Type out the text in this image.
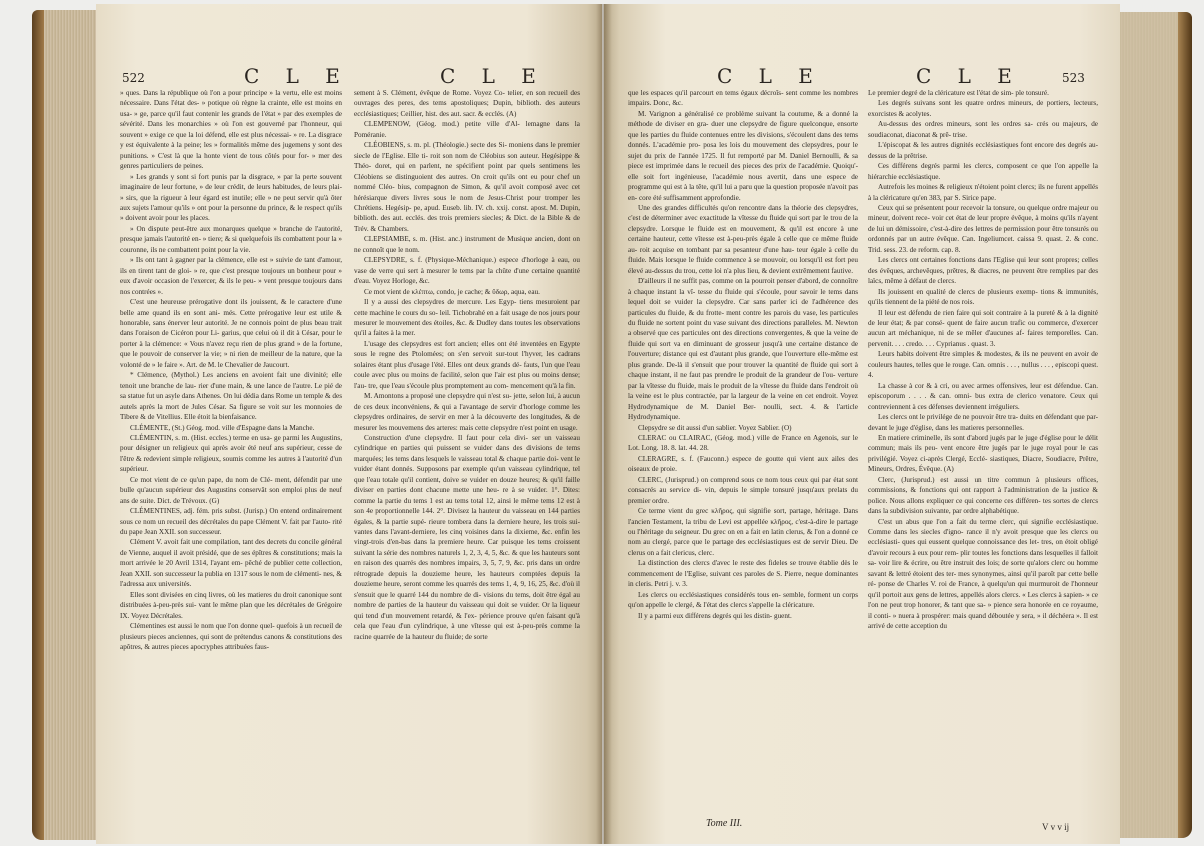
522	C L E	C L E

» ques. Dans la république où l'on a pour principe » la vertu, elle est moins nécessaire. Dans l'état des- » potique où règne la crainte, elle est moins en usa- » ge, parce qu'il faut contenir les grands de l'état » par des exemples de sévérité. Dans les monarchies » où l'on est gouverné par l'honneur, qui souvent » exige ce que la loi défend, elle est plus nécessai- » re. La disgrace y est équivalente à la peine; les » formalités même des jugemens y sont des punitions. » C'est là que la honte vient de tous côtés pour for- » mer des genres particuliers de peines.

» Les grands y sont si fort punis par la disgrace, » par la perte souvent imaginaire de leur fortune, » de leur crédit, de leurs habitudes, de leurs plai- » sirs, que la rigueur à leur égard est inutile; elle » ne peut servir qu'à ôter aux sujets l'amour qu'ils » ont pour la personne du prince, & le respect qu'ils » doivent avoir pour les places.

» On dispute peut-être aux monarques quelque » branche de l'autorité, presque jamais l'autorité en- » tiere; & si quelquefois ils combattent pour la » couronne, ils ne combattent point pour la vie.

» Ils ont tant à gagner par la clémence, elle est » suivie de tant d'amour, ils en tirent tant de gloi- » re, que c'est presque toujours un bonheur pour » eux d'avoir occasion de l'exercer, & ils le peu- » vent presque toujours dans nos contrées ».

C'est une heureuse prérogative dont ils jouissent, & le caractere d'une belle ame quand ils en sont ani- més. Cette prérogative leur est utile & honorable, sans énerver leur autorité. Je ne connois point de plus beau trait dans l'oraison de Cicéron pour Li- garius, que celui où il dit à César, pour le porter à la clémence: « Vous n'avez reçu rien de plus grand » de la fortune, que le pouvoir de conserver la vie; » ni rien de meilleur de la nature, que la volonté de » le faire ». Art. de M. le Chevalier de Jaucourt.

* Clémence, (Mythol.) Les anciens en avoient fait une divinité; elle tenoit une branche de lau- rier d'une main, & une lance de l'autre. Le pié de sa statue fut un asyle dans Athenes. On lui dédia dans Rome un temple & des autels après la mort de Jules César. Sa figure se voit sur les monnoies de Tibere & de Vitellius. Elle étoit la bienfaisance.

CLÉMENTE, (St.) Géog. mod. ville d'Espagne dans la Manche.

CLÉMENTIN, s. m. (Hist. eccles.) terme en usa- ge parmi les Augustins, pour désigner un religieux qui après avoir été neuf ans supérieur, cesse de l'être & redevient simple religieux, soumis comme les autres à l'autorité d'un supérieur.

Ce mot vient de ce qu'un pape, du nom de Clé- ment, défendit par une bulle qu'aucun supérieur des Augustins conservât son emploi plus de neuf ans de suite. Dict. de Trévoux. (G)

CLÉMENTINES, adj. fém. pris subst. (Jurisp.) On entend ordinairement sous ce nom un recueil des décrétales du pape Clément V. fait par l'auto- rité du pape Jean XXII. son successeur.

Clément V. avoit fait une compilation, tant des decrets du concile général de Vienne, auquel il avoit présidé, que de ses épîtres & constitutions; mais la mort arrivée le 20 Avril 1314, l'ayant em- pêché de publier cette collection, Jean XXII. son successeur la publia en 1317 sous le nom de clémenti- nes, & l'adressa aux universités.

Elles sont divisées en cinq livres, où les matieres du droit canonique sont distribuées à-peu-près sui- vant le même plan que les décrétales de Grégoire IX. Voyez Décrétales.

Clémentines est aussi le nom que l'on donne quel- quefois à un recueil de plusieurs pieces anciennes, qui sont de prétendus canons & constitutions des apôtres, & autres pieces apocryphes attribuées faus-

sement à S. Clément, évêque de Rome. Voyez Co- telier, en son recueil des ouvrages des peres, des tems apostoliques; Dupin, biblioth. des auteurs ecclésiastiques; Ceillier, hist. des aut. sacr. & ecclés. (A)

CLEMPENOW, (Géog. mod.) petite ville d'Al- lemagne dans la Poméranie.

CLÉOBIENS, s. m. pl. (Théologie.) secte des Si- moniens dans le premier siecle de l'Eglise. Elle ti- roit son nom de Cléobius son auteur. Hegésippe & Théo- doret, qui en parlent, ne spécifient point par quels sentimens les Cléobiens se distinguoient des autres. On croit qu'ils ont eu pour chef un nommé Cléo- bius, compagnon de Simon, & qu'il avoit composé avec cet hérésiarque divers livres sous le nom de Jesus-Christ pour tromper les Chrétiens. Hegésip- pe, apud. Euseb. lib. IV. ch. xxij. const. apost. M. Dupin, biblioth. des aut. ecclés. des trois premiers siecles; & Dict. de la Bible & de Trév. & Chambers.

CLEPSIAMBE, s. m. (Hist. anc.) instrument de Musique ancien, dont on ne connoît que le nom.

CLEPSYDRE, s. f. (Physique-Méchanique.) espece d'horloge à eau, ou vase de verre qui sert à mesurer le tems par la chûte d'une certaine quantité d'eau. Voyez Horloge, &c.

Ce mot vient de κλέπτω, condo, je cache; & ὕδωρ, aqua, eau.

Il y a aussi des clepsydres de mercure. Les Egyp- tiens mesuroient par cette machine le cours du so- leil. Tichobrahé en a fait usage de nos jours pour mesurer le mouvement des étoiles, &c. & Dudley dans toutes les observations qu'il a faites à la mer.

L'usage des clepsydres est fort ancien; elles ont été inventées en Egypte sous le regne des Ptolomées; on s'en servoit sur-tout l'hyver, les cadrans solaires étant plus d'usage l'été. Elles ont deux grands dé- fauts, l'un que l'eau coule avec plus ou moins de facilité, selon que l'air est plus ou moins dense; l'au- tre, que l'eau s'écoule plus promptement au com- mencement qu'à la fin.

M. Amontons a proposé une clepsydre qui n'est su- jette, selon lui, à aucun de ces deux inconvéniens, & qui a l'avantage de servir d'horloge comme les clepsydres ordinaires, de servir en mer à la découverte des longitudes, & de mesurer les mouvemens des arteres: mais cette clepsydre n'est point en usage.

Construction d'une clepsydre. Il faut pour cela divi- ser un vaisseau cylindrique en parties qui puissent se vuider dans des divisions de tems marquées; les tems dans lesquels le vaisseau total & chaque partie doi- vent le vuider étant donnés. Supposons par exemple qu'un vaisseau cylindrique, tel que l'eau totale qu'il contient, doive se vuider en douze heures; & qu'il faille diviser en parties dont chacune mette une heu- re à se vuider. 1°. Dites: comme la partie du tems 1 est au tems total 12, ainsi le même tems 12 est à son 4e proportionnelle 144. 2°. Divisez la hauteur du vaisseau en 144 parties égales, & la partie supé- rieure tombera dans la derniere heure, les trois sui- vantes dans l'avant-derniere, les cinq voisines dans la dixieme, &c. enfin les vingt-trois d'en-bas dans la premiere heure. Car puisque les tems croissent suivant la série des nombres naturels 1, 2, 3, 4, 5, &c. & que les hauteurs sont en raison des quarrés des nombres impairs, 3, 5, 7, 9, &c. pris dans un ordre rétrograde depuis la douzieme heure, les hauteurs comptées depuis la douzieme heure, seront comme les quarrés des tems 1, 4, 9, 16, 25, &c. d'où il s'ensuit que le quarré 144 du nombre de di- visions du tems, doit être égal au nombre de parties de la hauteur du vaisseau qui doit se vuider. Or la liqueur qui tend d'un mouvement retardé, & l'ex- périence prouve qu'en faisant qu'à cela que l'eau d'un cylindrique, à une vîtesse qui est à-peu-près comme la racine quarrée de la hauteur du fluide; de sorte

C L E	C L E	523

que les espaces qu'il parcourt en tems égaux décroîs- sent comme les nombres impairs. Donc, &c.

M. Varignon a généralisé ce problème suivant la coutume, & a donné la méthode de diviser en gra- duer une clepsydre de figure quelconque, ensorte que les parties du fluide contenues entre les divisions, s'écoulent dans des tems donnés. L'académie pro- posa les lois du mouvement des clepsydres, pour le sujet du prix de l'année 1725. Il fut remporté par M. Daniel Bernoulli, & sa piece est imprimée dans le recueil des pieces des prix de l'académie. Quoiqu'- elle soit fort ingénieuse, l'académie nous avertit, dans une espece de programme qui est à la tête, qu'il lui a paru que la question proposée n'avoit pas en- core été suffisamment approfondie.

Une des grandes difficultés qu'on rencontre dans la théorie des clepsydres, c'est de déterminer avec exactitude la vîtesse du fluide qui sort par le trou de la clepsydre. Lorsque le fluide est en mouvement, & qu'il est encore à une certaine hauteur, cette vîtesse est à-peu-près égale à celle que ce même fluide au- roit acquise en tombant par sa pesanteur d'une hau- teur égale à celle du fluide. Mais lorsque le fluide commence à se mouvoir, ou lorsqu'il est fort peu élevé au-dessus du trou, cette loi n'a plus lieu, & devient extrêmement fautive.

D'ailleurs il ne suffit pas, comme on la pourroit penser d'abord, de connoître à chaque instant la vî- tesse du fluide qui s'écoule, pour savoir le tems dans lequel doit se vuider la clepsydre. Car sans parler ici de l'adhérence des particules du fluide, & du frotte- ment contre les parois du vase, les particules du fluide ne sortent point du vase suivant des directions paralleles. M. Newton a observé que ces particules ont des directions convergentes, & que la veine de fluide qui sort va en diminuant de grosseur jusqu'à une certaine distance de l'ouverture; distance qui est d'autant plus grande, que l'ouverture elle-même est plus grande. De-là il s'ensuit que pour trouver la quantité de fluide qui sort à chaque instant, il ne faut pas prendre le produit de la grandeur de l'ou- verture par la vîtesse du fluide, mais le produit de la vîtesse du fluide dans l'endroit où la veine est le plus contractée, par la largeur de la veine en cet endroit. Voyez Hydrodynamique de M. Daniel Ber- noulli, sect. 4. & l'article Hydrodynamique.

Clepsydre se dit aussi d'un sablier. Voyez Sablier. (O)

CLERAC ou CLAIRAC, (Géog. mod.) ville de France en Agenois, sur le Lot. Long. 18. 8. lat. 44. 28.

CLERAGRE, s. f. (Fauconn.) espece de goutte qui vient aux ailes des oiseaux de proie.

CLERC, (Jurisprud.) on comprend sous ce nom tous ceux qui par état sont consacrés au service di- vin, depuis le simple tonsuré jusqu'aux prelats du premier ordre.

Ce terme vient du grec κλῆρος, qui signifie sort, partage, héritage. Dans l'ancien Testament, la tribu de Levi est appellée κλῆρος, c'est-à-dire le partage ou l'héritage du seigneur. Du grec on en a fait en latin clerus, & l'on a donné ce nom au clergé, parce que le partage des ecclésiastiques est de servir Dieu. De clerus on a fait clericus, clerc.

La distinction des clercs d'avec le reste des fideles se trouve établie dès le commencement de l'Eglise, suivant ces paroles de S. Pierre, neque dominantes in cleris. Petri j. v. 3.

Les clercs ou ecclésiastiques considérés tous en- semble, forment un corps qu'on appelle le clergé, & l'état des clercs s'appelle la cléricature.

Il y a parmi eux différens degrés qui les distin- guent.

Tome III.

Le premier degré de la cléricature est l'état de sim- ple tonsuré.

Les degrés suivans sont les quatre ordres mineurs, de portiers, lecteurs, exorcistes & acolytes.

Au-dessus des ordres mineurs, sont les ordres sa- crés ou majeurs, de soudiaconat, diaconat & prê- trise.

L'épiscopat & les autres dignités ecclésiastiques font encore des degrés au-dessus de la prêtrise.

Ces différens degrés parmi les clercs, composent ce que l'on appelle la hiérarchie ecclésiastique.

Autrefois les moines & religieux n'étoient point clercs; ils ne furent appellés à la cléricature qu'en 383, par S. Sirice pape.

Ceux qui se présentent pour recevoir la tonsure, ou quelque ordre majeur ou mineur, doivent rece- voir cet état de leur propre évêque, à moins qu'ils n'ayent de lui un démissoire, c'est-à-dire des lettres de permission pour être tonsurés ou ordonnés par un autre évêque. Can. Ingeliumcet. caissa 9. quast. 2. & conc. Trid. sess. 23. de reform. cap. 8.

Les clercs ont certaines fonctions dans l'Eglise qui leur sont propres; celles des évêques, archevêques, prêtres, & diacres, ne peuvent être remplies par des laïcs, même à défaut de clercs.

Ils jouissent en qualité de clercs de plusieurs exemp- tions & immunités, qu'ils tiennent de la piété de nos rois.

Il leur est défendu de rien faire qui soit contraire à la pureté & à la dignité de leur état; & par consé- quent de faire aucun trafic ou commerce, d'exercer aucun art méchanique, ni de se mêler d'aucunes af- faires temporelles. Can. pervenit. . . . credo. . . . Cyprianus . quast. 3.

Leurs habits doivent être simples & modestes, & ils ne peuvent en avoir de couleurs hautes, telles que le rouge. Can. omnis . . . , nullus . . . , episcopi quest. 4.

La chasse à cor & à cri, ou avec armes offensives, leur est défendue. Can. episcoporum . . . . & can. omni- bus extra de clerico venatore. Ceux qui contreviennent à ces défenses deviennent irréguliers.

Les clercs ont le privilége de ne pouvoir être tra- duits en défendant que par-devant le juge d'église, dans les matieres personnelles.

En matiere criminelle, ils sont d'abord jugés par le juge d'église pour le délit commun; mais ils peu- vent encore être jugés par le juge royal pour le cas privilégié. Voyez ci-après Clergé, Ecclé- siastiques, Diacre, Soudiacre, Prêtre, Mineurs, Ordres, Évêque. (A)

Clerc, (Jurisprud.) est aussi un titre commun à plusieurs offices, commissions, & fonctions qui ont rapport à l'administration de la justice & police. Nous allons expliquer ce qui concerne ces différen- tes sortes de clercs dans la subdivision suivante, par ordre alphabétique.

C'est un abus que l'on a fait du terme clerc, qui signifie ecclésiastique. Comme dans les siecles d'igno- rance il n'y avoit presque que les clercs ou ecclésiasti- ques qui eussent quelque connoissance des let- tres, on étoit obligé d'avoir recours à eux pour rem- plir toutes les fonctions dans lesquelles il falloit sa- voir lire & écrire, ou être instruit des lois; de sorte qu'alors clerc ou homme savant & lettré étoient des ter- mes synonymes, ainsi qu'il paroît par cette belle ré- ponse de Charles V. roi de France, à quelqu'un qui murmuroit de l'honneur qu'il portoit aux gens de lettres, appellés alors clercs. « Les clercs à sapien- » ce l'on ne peut trop honorer, & tant que sa- » pience sera honorée en ce royaume, il conti- » nuera à prospérer: mais quand déboutée y sera, » il déchéera ». Il est arrivé de cette acception du

V v v ij
